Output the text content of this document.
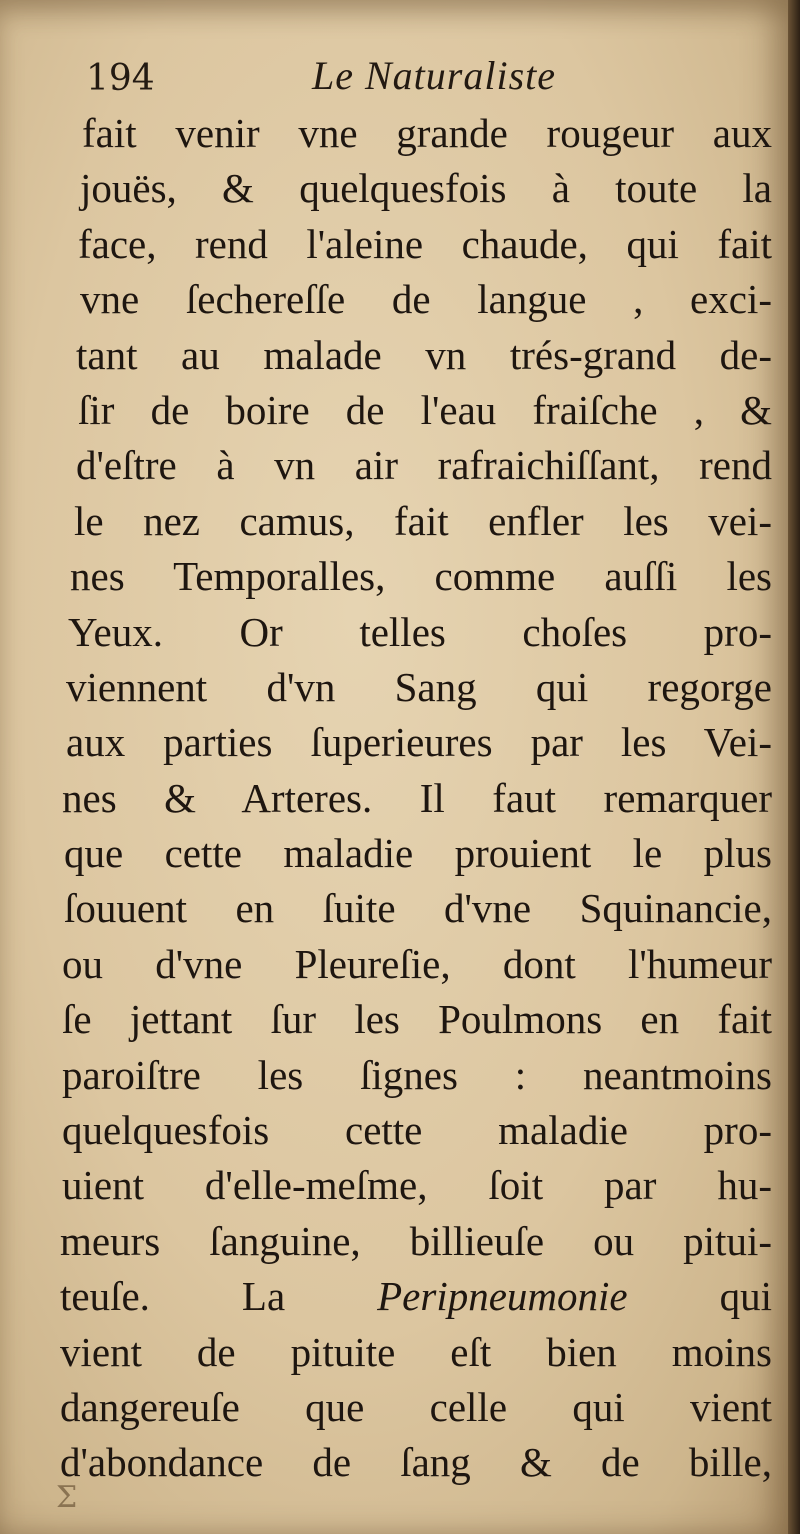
194	Le Naturaliste
fait venir vne grande rougeur aux
jouës, & quelquesfois à toute la
face, rend l'aleine chaude, qui fait
vne ſechereſſe de langue , exci-
tant au malade vn trés-grand de-
ſir de boire de l'eau fraiſche , &
d'eſtre à vn air rafraichiſſant, rend
le nez camus, fait enfler les vei-
nes Temporalles, comme auſſi les
Yeux. Or telles choſes pro-
viennent d'vn Sang qui regorge
aux parties ſuperieures par les Vei-
nes & Arteres. Il faut remarquer
que cette maladie prouient le plus
ſouuent en ſuite d'vne Squinancie,
ou d'vne Pleureſie, dont l'humeur
ſe jettant ſur les Poulmons en fait
paroiſtre les ſignes : neantmoins
quelquesfois cette maladie pro-
uient d'elle-meſme, ſoit par hu-
meurs ſanguine, billieuſe ou pitui-
teuſe. La Peripneumonie qui
vient de pituite eſt bien moins
dangereuſe que celle qui vient
d'abondance de ſang & de bille,
Σ
